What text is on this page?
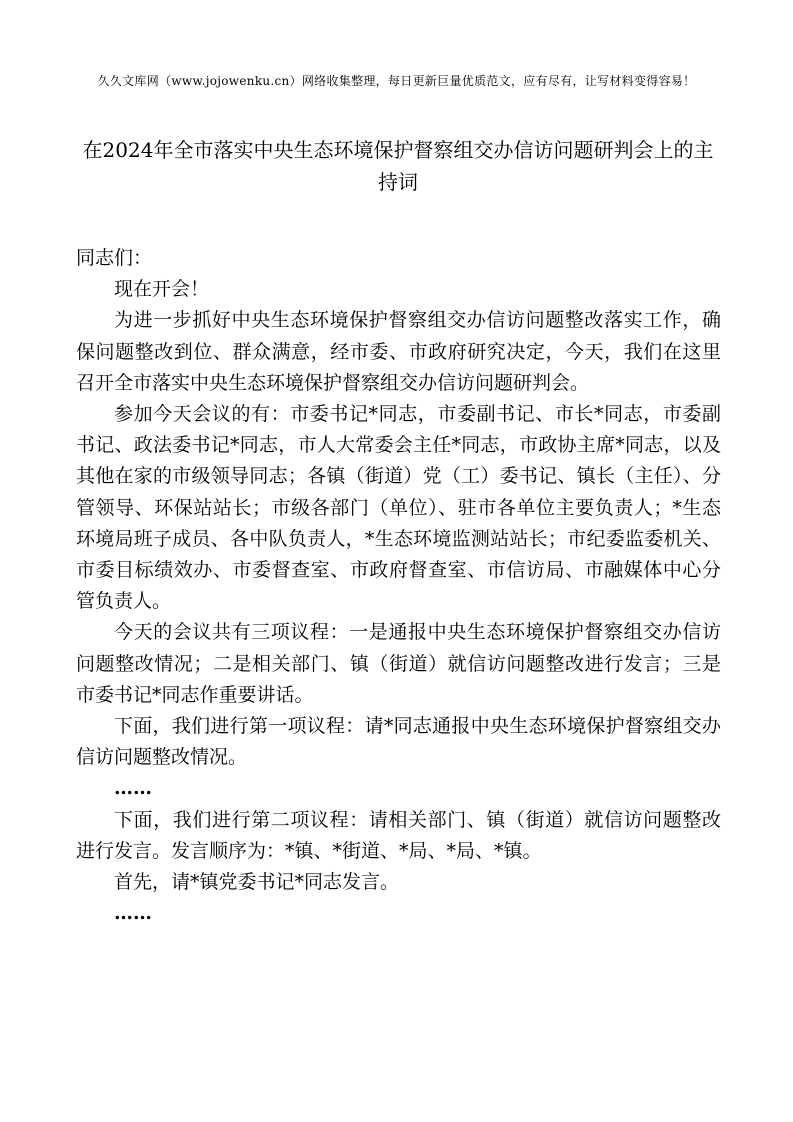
久久文库网（www.jojowenku.cn）网络收集整理，每日更新巨量优质范文，应有尽有，让写材料变得容易！
在2024年全市落实中央生态环境保护督察组交办信访问题研判会上的主持词

同志们：

现在开会！

为进一步抓好中央生态环境保护督察组交办信访问题整改落实工作，确保问题整改到位、群众满意，经市委、市政府研究决定，今天，我们在这里召开全市落实中央生态环境保护督察组交办信访问题研判会。

参加今天会议的有：市委书记*同志，市委副书记、市长*同志，市委副书记、政法委书记*同志，市人大常委会主任*同志，市政协主席*同志，以及其他在家的市级领导同志；各镇（街道）党（工）委书记、镇长（主任）、分管领导、环保站站长；市级各部门（单位）、驻市各单位主要负责人；*生态环境局班子成员、各中队负责人，*生态环境监测站站长；市纪委监委机关、市委目标绩效办、市委督查室、市政府督查室、市信访局、市融媒体中心分管负责人。

今天的会议共有三项议程：一是通报中央生态环境保护督察组交办信访问题整改情况；二是相关部门、镇（街道）就信访问题整改进行发言；三是市委书记*同志作重要讲话。

下面，我们进行第一项议程：请*同志通报中央生态环境保护督察组交办信访问题整改情况。

……

下面，我们进行第二项议程：请相关部门、镇（街道）就信访问题整改进行发言。发言顺序为：*镇、*街道、*局、*局、*镇。

首先，请*镇党委书记*同志发言。

……
